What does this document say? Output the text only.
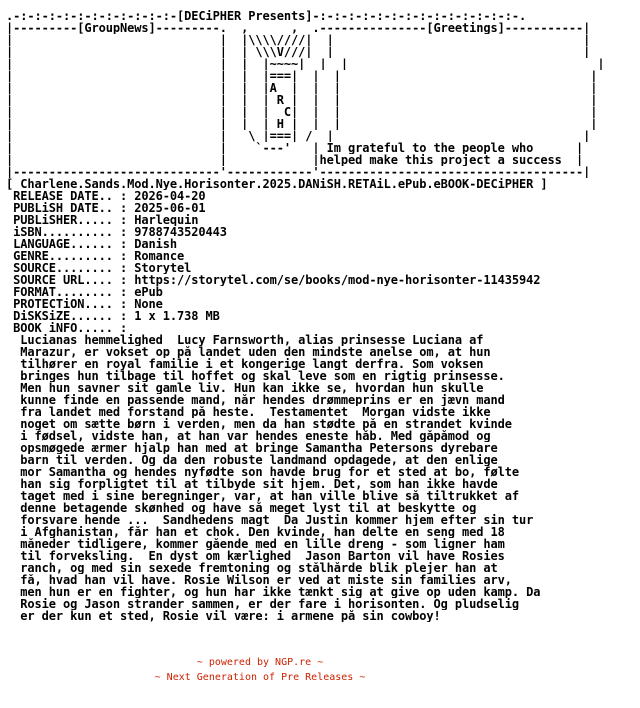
.-:-:-:-:-:-:-:-:-:-:-:-[DECiPHER Presents]-:-:-:-:-:-:-:-:-:-:-:-:-:-:-.
|---------[GroupNews]---------.  ,      ,  .---------------[Greetings]-----------|
|                             |  |\\\\////|  |                                   |
|                             |  | \\\V///|  |                                   |
|                             |  |  |~~~~|  |  |                                   |
|                             |  |  |===|  |  |                                   |
|                             |  |  |A  |  |  |                                   |
|                             |  |  | R |  |  |                                   |
|                             |  |  |  C|  |  |                                   |
|                             |  |  | H |  |  |                                   |
|                             |   \ |===| /  |                                   |
|                             |    `---'   | Im grateful to the people who      |
|                             |            |helped make this project a success  |
|-----------------------------'------------'-------------------------------------|
[ Charlene.Sands.Mod.Nye.Horisonter.2025.DANiSH.RETAiL.ePub.eBOOK-DECiPHER ]
RELEASE DATE.. : 2026-04-20
PUBLiSH DATE.. : 2025-06-01
PUBLiSHER..... : Harlequin
iSBN.......... : 9788743520443
LANGUAGE...... : Danish
GENRE......... : Romance
SOURCE........ : Storytel
SOURCE URL.... : https://storytel.com/se/books/mod-nye-horisonter-11435942
FORMAT........ : ePub
PROTECTiON.... : None
DiSKSiZE...... : 1 x 1.738 MB
BOOK iNFO..... :
Lucianas hemmelighed  Lucy Farnsworth, alias prinsesse Luciana af
Marazur, er vokset op på landet uden den mindste anelse om, at hun
tilhører en royal familie i et kongerige langt derfra. Som voksen
bringes hun tilbage til hoffet og skal leve som en rigtig prinsesse.
Men hun savner sit gamle liv. Hun kan ikke se, hvordan hun skulle
kunne finde en passende mand, når hendes drømmeprins er en jævn mand
fra landet med forstand på heste.  Testamentet  Morgan vidste ikke
noget om sætte børn i verden, men da han stødte på en strandet kvinde
i fødsel, vidste han, at han var hendes eneste håb. Med gåpåmod og
opsmøgede ærmer hjalp han med at bringe Samantha Petersons dyrebare
barn til verden. Og da den robuste landmand opdagede, at den enlige
mor Samantha og hendes nyfødte son havde brug for et sted at bo, følte
han sig forpligtet til at tilbyde sit hjem. Det, som han ikke havde
taget med i sine beregninger, var, at han ville blive så tiltrukket af
denne betagende skønhed og have så meget lyst til at beskytte og
forsvare hende ...  Sandhedens magt  Da Justin kommer hjem efter sin tur
i Afghanistan, får han et chok. Den kvinde, han delte en seng med 18
måneder tidligere, kommer gående med en lille dreng - som ligner ham
til forveksling.  En dyst om kærlighed  Jason Barton vil have Rosies
ranch, og med sin sexede fremtoning og stålhårde blik plejer han at
få, hvad han vil have. Rosie Wilson er ved at miste sin families arv,
men hun er en fighter, og hun har ikke tænkt sig at give op uden kamp. Da
Rosie og Jason strander sammen, er der fare i horisonten. Og pludselig
er der kun et sted, Rosie vil være: i armene på sin cowboy!
~ powered by NGP.re ~
~ Next Generation of Pre Releases ~
